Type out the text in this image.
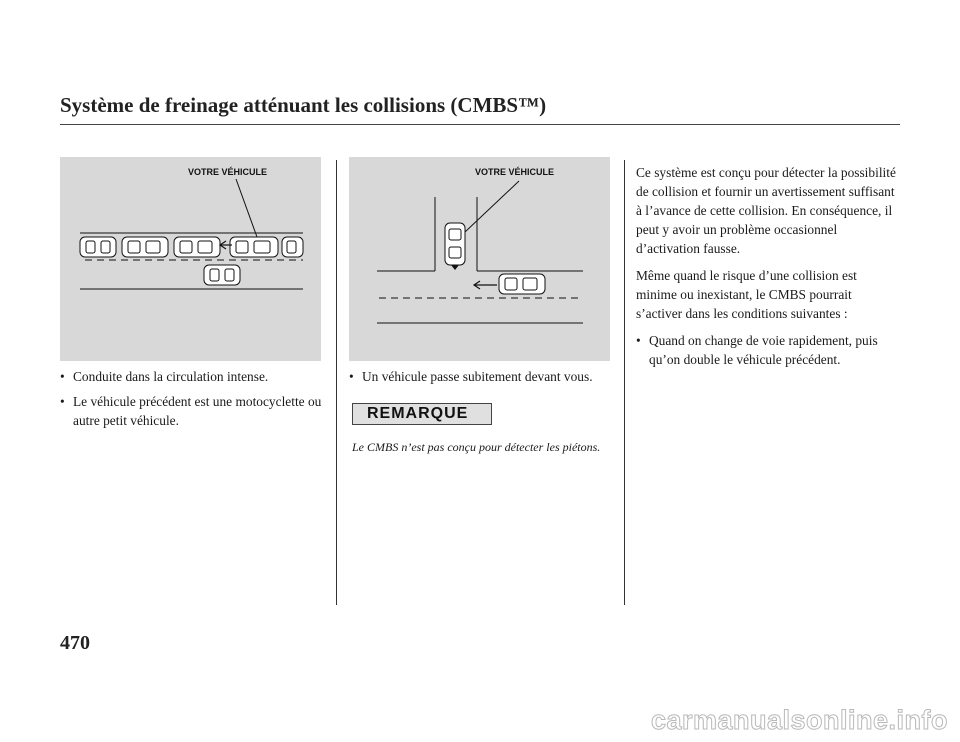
Système de freinage atténuant les collisions (CMBS™)
VOTRE VÉHICULE
• Conduite dans la circulation intense.
• Le véhicule précédent est une motocyclette ou autre petit véhicule.
VOTRE VÉHICULE
• Un véhicule passe subitement devant vous.
REMARQUE

Le CMBS n’est pas conçu pour détecter les piétons.

Ce système est conçu pour détecter la possibilité de collision et fournir un avertissement suffisant à l’avance de cette collision. En conséquence, il peut y avoir un problème occasionnel d’activation fausse.

Même quand le risque d’une collision est minime ou inexistant, le CMBS pourrait s’activer dans les conditions suivantes :

• Quand on change de voie rapidement, puis qu’on double le véhicule précédent.

470

carmanualsonline.info
